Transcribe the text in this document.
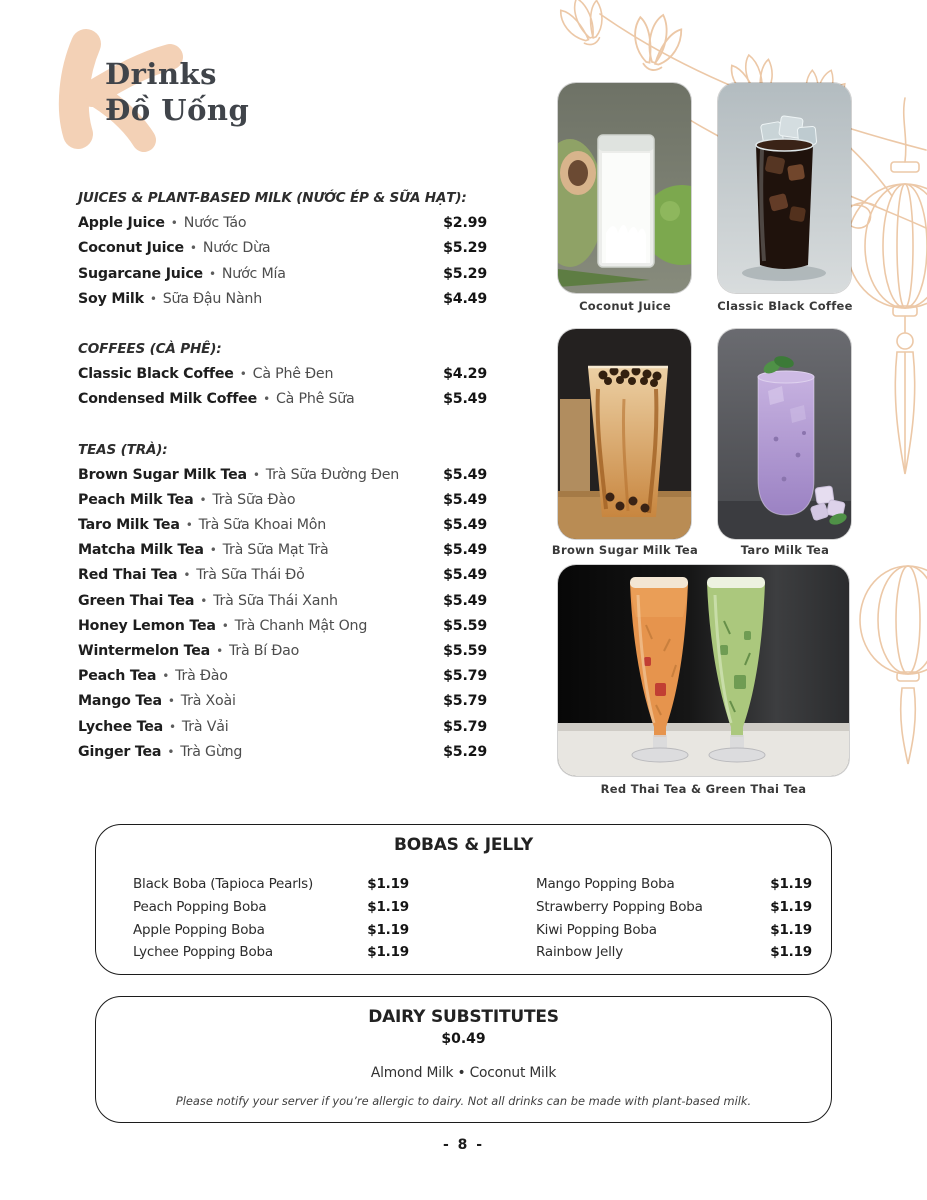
Drinks
Đồ Uống
JUICES & PLANT-BASED MILK (NƯỚC ÉP & SỮA HẠT):
Apple Juice • Nước Táo	$2.99
Coconut Juice • Nước Dừa	$5.29
Sugarcane Juice • Nước Mía	$5.29
Soy Milk • Sữa Đậu Nành	$4.49
COFFEES (CÀ PHÊ):
Classic Black Coffee • Cà Phê Đen	$4.29
Condensed Milk Coffee • Cà Phê Sữa	$5.49
TEAS (TRÀ):
Brown Sugar Milk Tea • Trà Sữa Đường Đen	$5.49
Peach Milk Tea • Trà Sữa Đào	$5.49
Taro Milk Tea • Trà Sữa Khoai Môn	$5.49
Matcha Milk Tea • Trà Sữa Mạt Trà	$5.49
Red Thai Tea • Trà Sữa Thái Đỏ	$5.49
Green Thai Tea • Trà Sữa Thái Xanh	$5.49
Honey Lemon Tea • Trà Chanh Mật Ong	$5.59
Wintermelon Tea • Trà Bí Đao	$5.59
Peach Tea • Trà Đào	$5.79
Mango Tea • Trà Xoài	$5.79
Lychee Tea • Trà Vải	$5.79
Ginger Tea • Trà Gừng	$5.29
Coconut Juice	Classic Black Coffee
Brown Sugar Milk Tea	Taro Milk Tea
Red Thai Tea & Green Thai Tea
BOBAS & JELLY
Black Boba (Tapioca Pearls)	$1.19
Peach Popping Boba	$1.19
Apple Popping Boba	$1.19
Lychee Popping Boba	$1.19
Mango Popping Boba	$1.19
Strawberry Popping Boba	$1.19
Kiwi Popping Boba	$1.19
Rainbow Jelly	$1.19
DAIRY SUBSTITUTES
$0.49
Almond Milk • Coconut Milk
Please notify your server if you’re allergic to dairy. Not all drinks can be made with plant-based milk.
- 8 -
